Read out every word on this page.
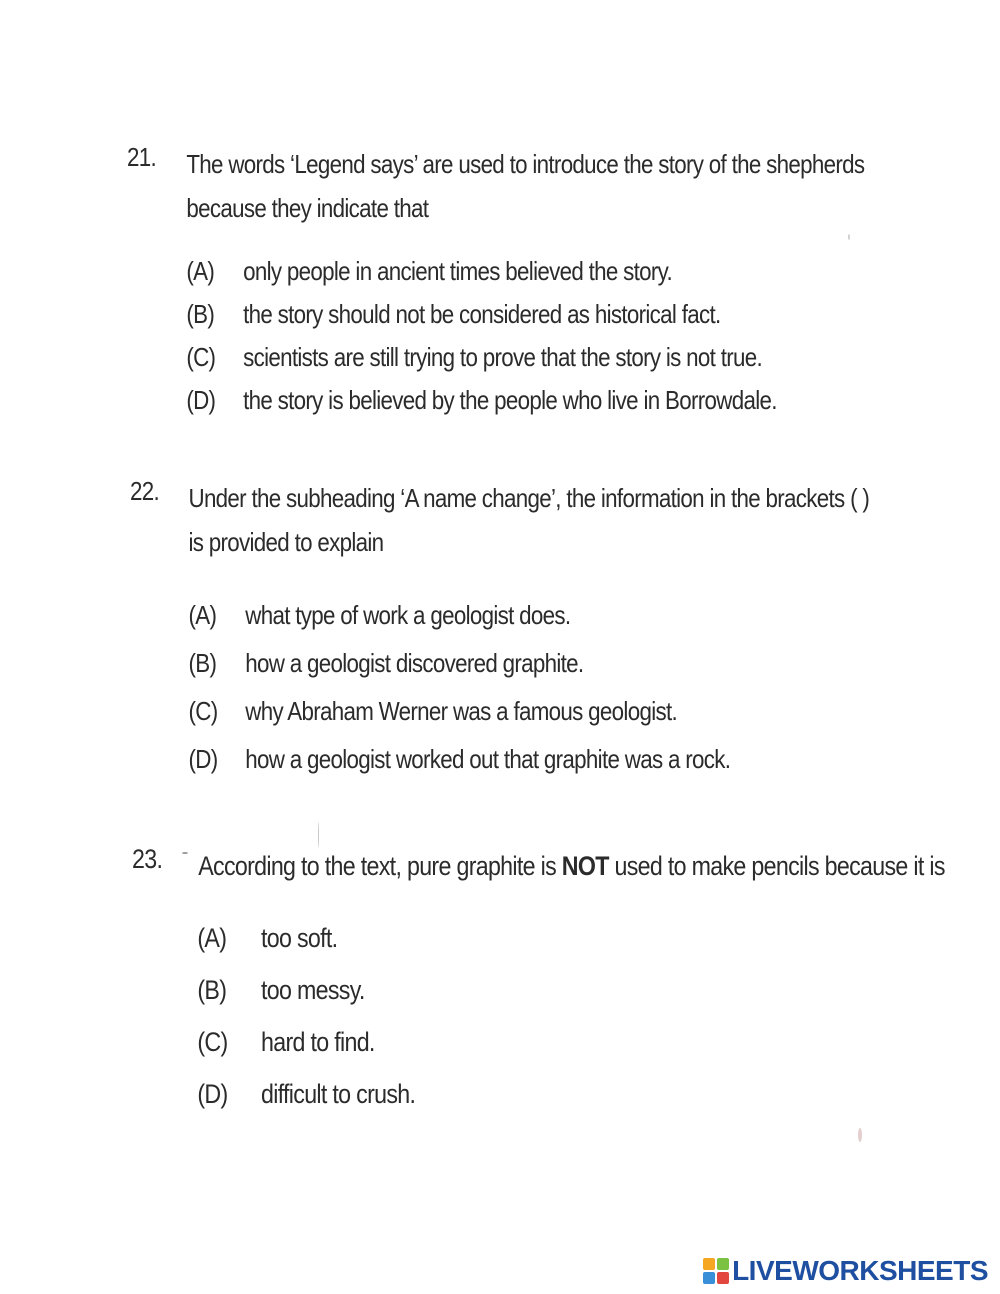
21. The words ‘Legend says’ are used to introduce the story of the shepherds because they indicate that
(A) only people in ancient times believed the story.
(B) the story should not be considered as historical fact.
(C) scientists are still trying to prove that the story is not true.
(D) the story is believed by the people who live in Borrowdale.
22. Under the subheading ‘A name change’, the information in the brackets ( ) is provided to explain
(A) what type of work a geologist does.
(B) how a geologist discovered graphite.
(C) why Abraham Werner was a famous geologist.
(D) how a geologist worked out that graphite was a rock.
23. According to the text, pure graphite is NOT used to make pencils because it is
(A) too soft.
(B) too messy.
(C) hard to find.
(D) difficult to crush.
LIVEWORKSHEETS
